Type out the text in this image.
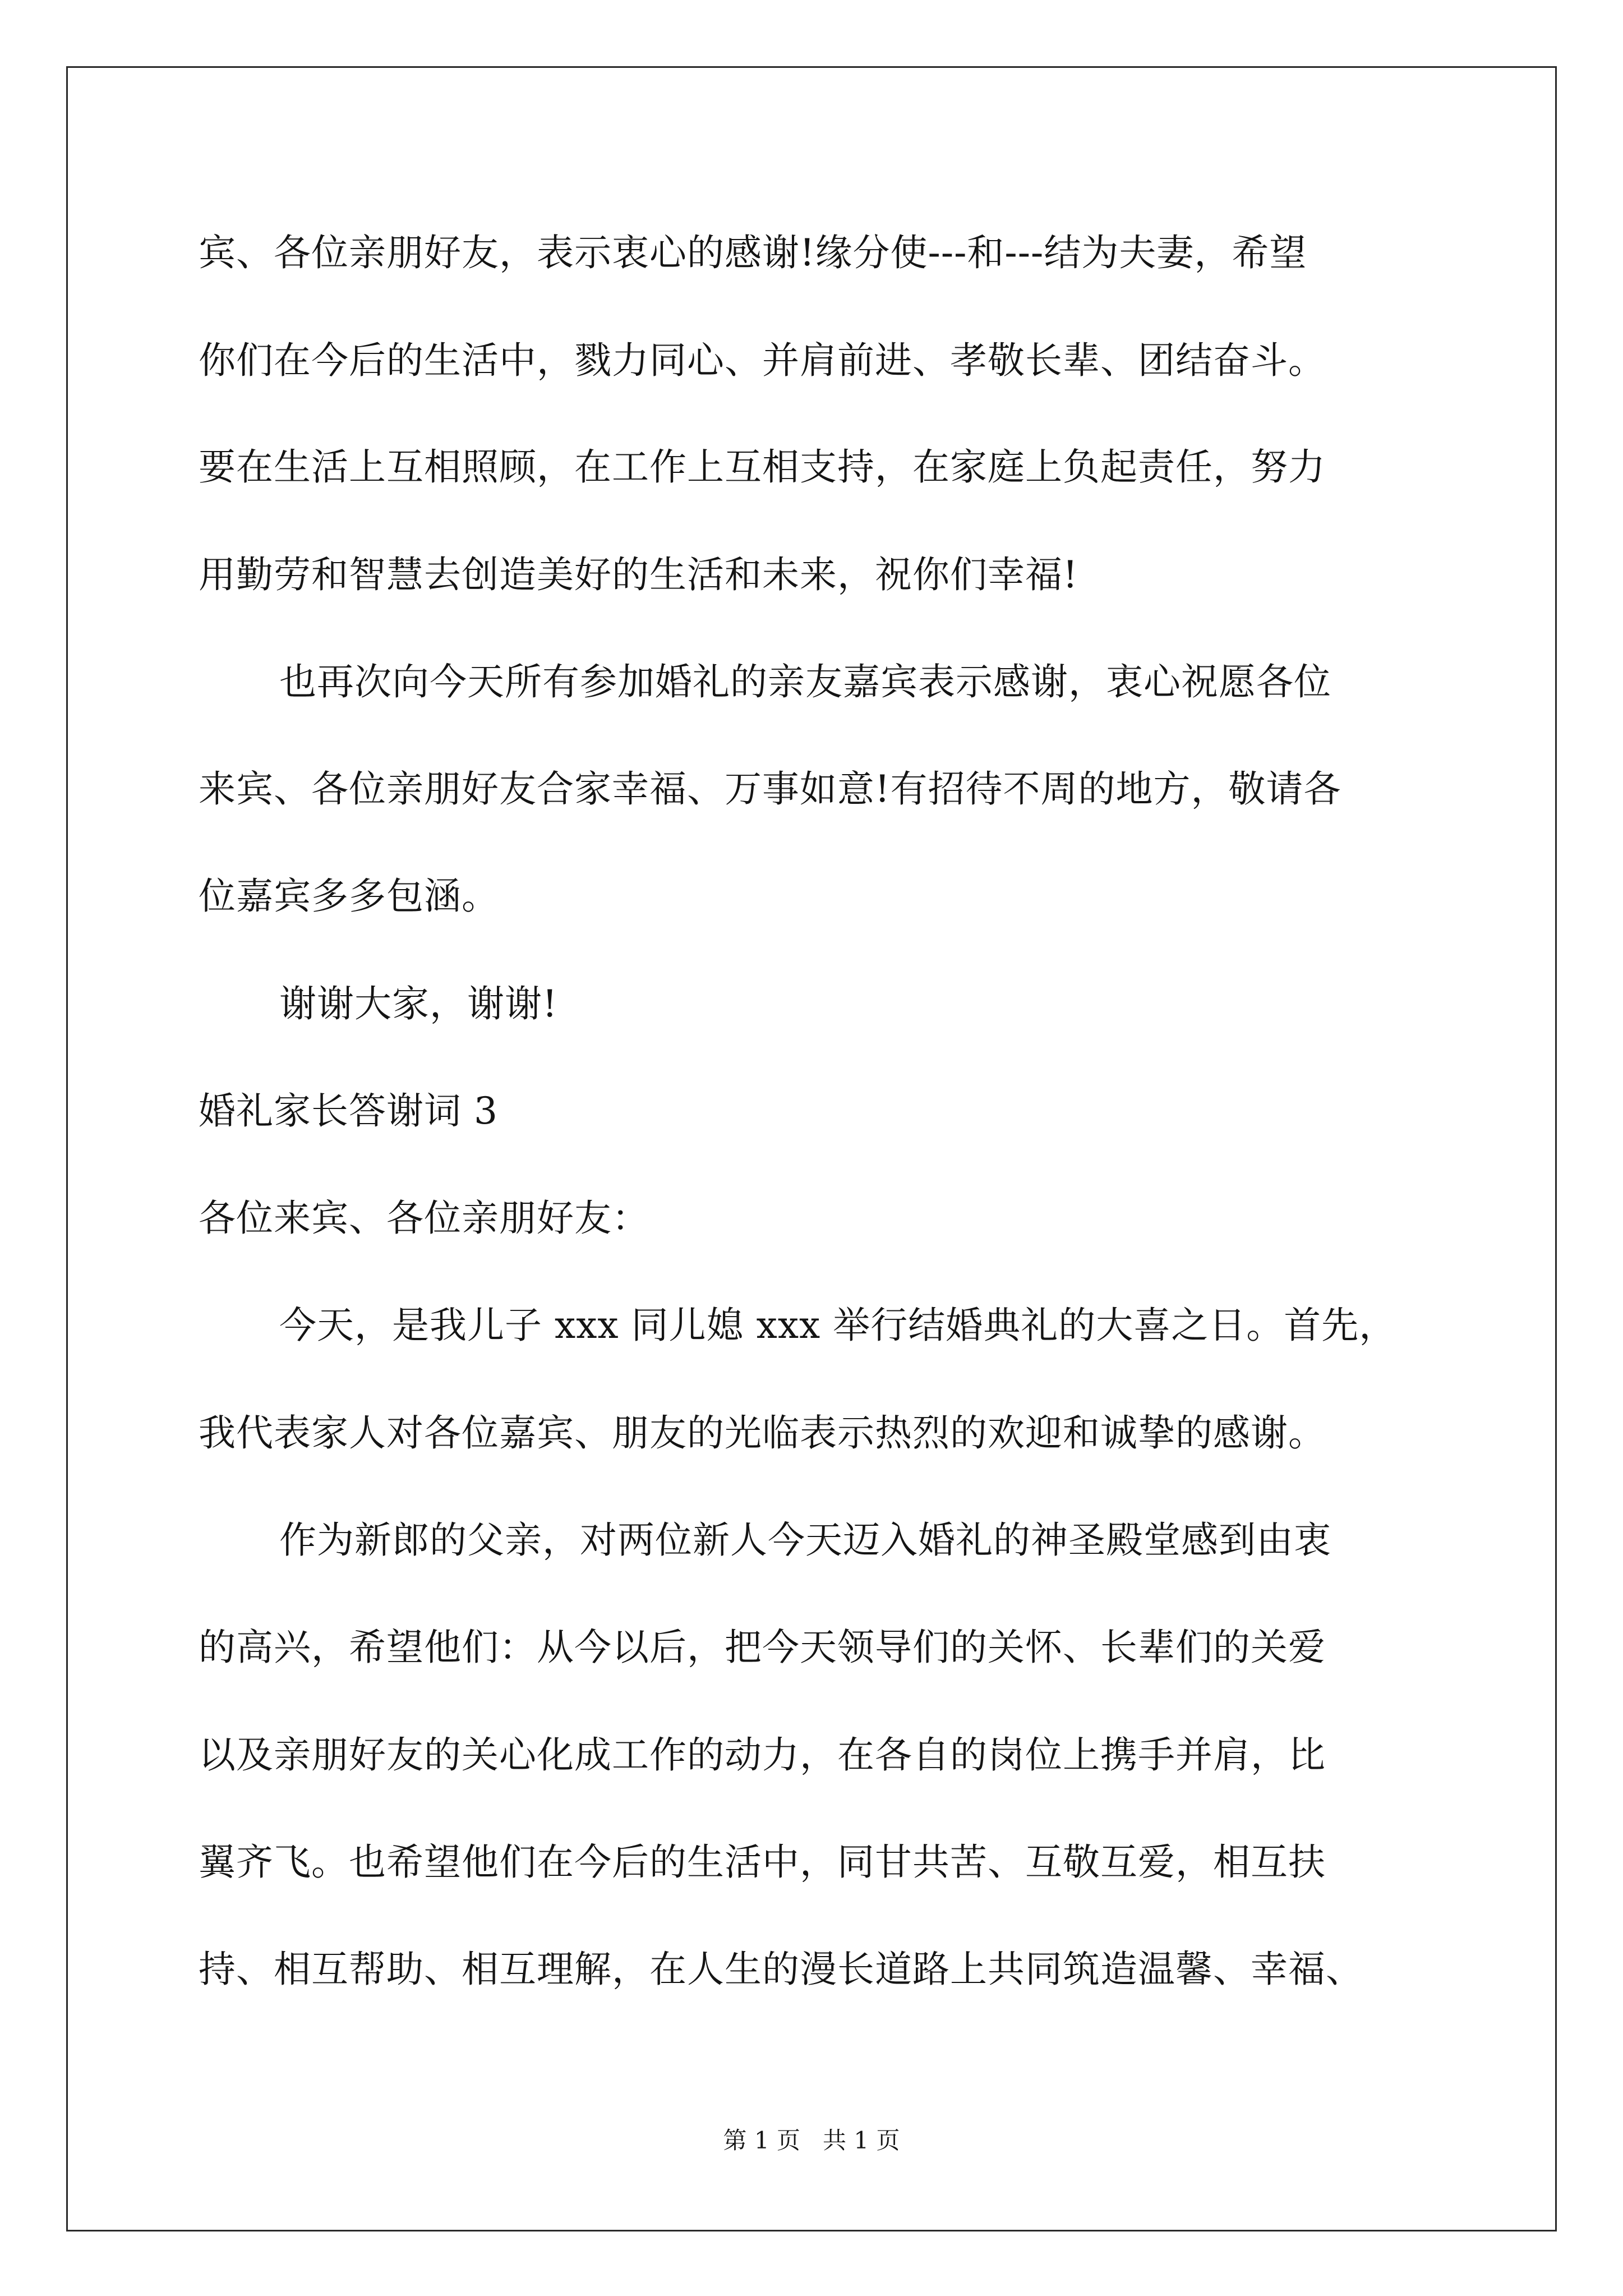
宾、各位亲朋好友，表示衷心的感谢!缘分使---和---结为夫妻，希望
你们在今后的生活中，戮力同心、并肩前进、孝敬长辈、团结奋斗。
要在生活上互相照顾，在工作上互相支持，在家庭上负起责任，努力
用勤劳和智慧去创造美好的生活和未来，祝你们幸福!
也再次向今天所有参加婚礼的亲友嘉宾表示感谢，衷心祝愿各位
来宾、各位亲朋好友合家幸福、万事如意!有招待不周的地方，敬请各
位嘉宾多多包涵。
谢谢大家，谢谢!
婚礼家长答谢词 3
各位来宾、各位亲朋好友：
今天，是我儿子 xxx 同儿媳 xxx 举行结婚典礼的大喜之日。首先，
我代表家人对各位嘉宾、朋友的光临表示热烈的欢迎和诚挚的感谢。
作为新郎的父亲，对两位新人今天迈入婚礼的神圣殿堂感到由衷
的高兴，希望他们：从今以后，把今天领导们的关怀、长辈们的关爱
以及亲朋好友的关心化成工作的动力，在各自的岗位上携手并肩，比
翼齐飞。也希望他们在今后的生活中，同甘共苦、互敬互爱，相互扶
持、相互帮助、相互理解，在人生的漫长道路上共同筑造温馨、幸福、
第 1 页   共 1 页
